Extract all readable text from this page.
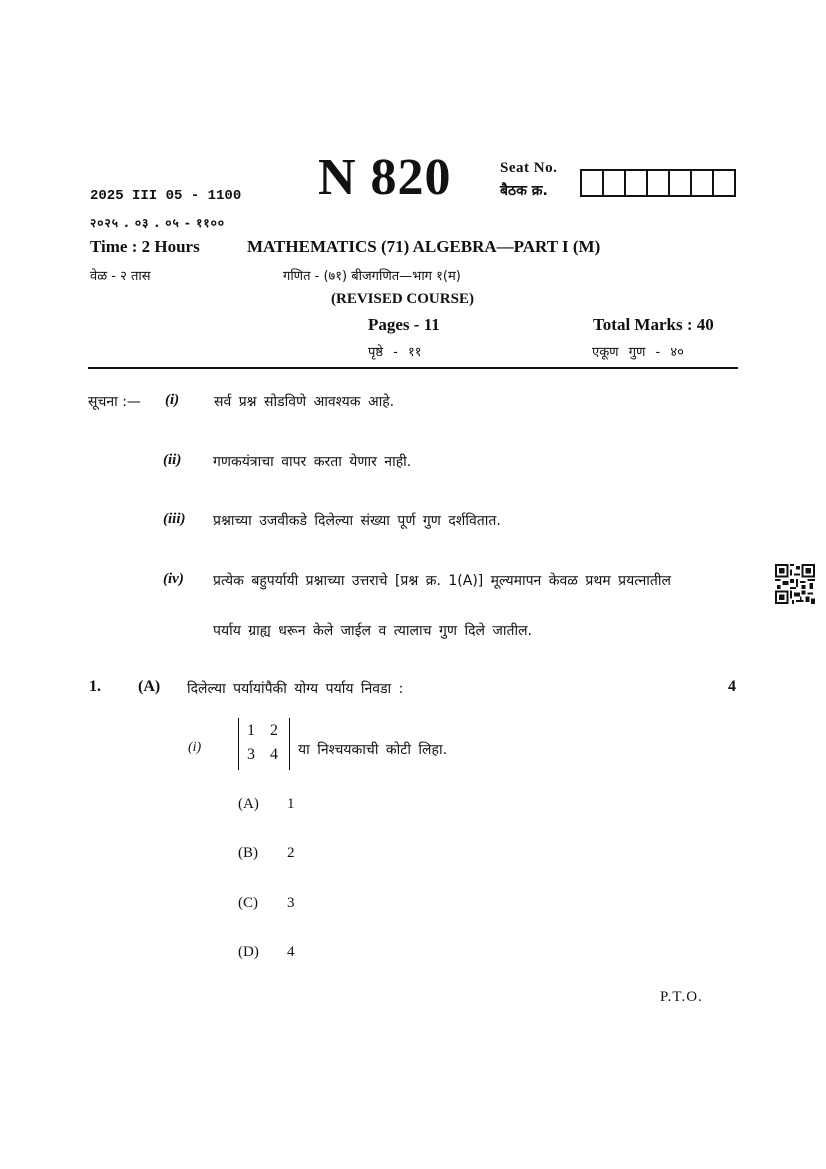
N 820	Seat No.
बैठक क्र.
2025 III 05 - 1100
२०२५ . ०३ . ०५ - ११००
Time : 2 Hours	MATHEMATICS (71) ALGEBRA—PART I (M)
वेळ - २ तास	गणित - (७१) बीजगणित—भाग १(म)
(REVISED COURSE)
Pages - 11	Total Marks : 40
पृष्ठे - ११	एकूण गुण - ४०
सूचना :— (i) सर्व प्रश्न सोडविणे आवश्यक आहे.
(ii) गणकयंत्राचा वापर करता येणार नाही.
(iii) प्रश्नाच्या उजवीकडे दिलेल्या संख्या पूर्ण गुण दर्शवितात.
(iv) प्रत्येक बहुपर्यायी प्रश्नाच्या उत्तराचे [प्रश्न क्र. 1(A)] मूल्यमापन केवळ प्रथम प्रयत्नातील
पर्याय ग्राह्य धरून केले जाईल व त्यालाच गुण दिले जातील.
1. (A) दिलेल्या पर्यायांपैकी योग्य पर्याय निवडा :	4
(i)
1 2
3 4 या निश्चयकाची कोटी लिहा.
(A) 1
(B) 2
(C) 3
(D) 4
P.T.O.
